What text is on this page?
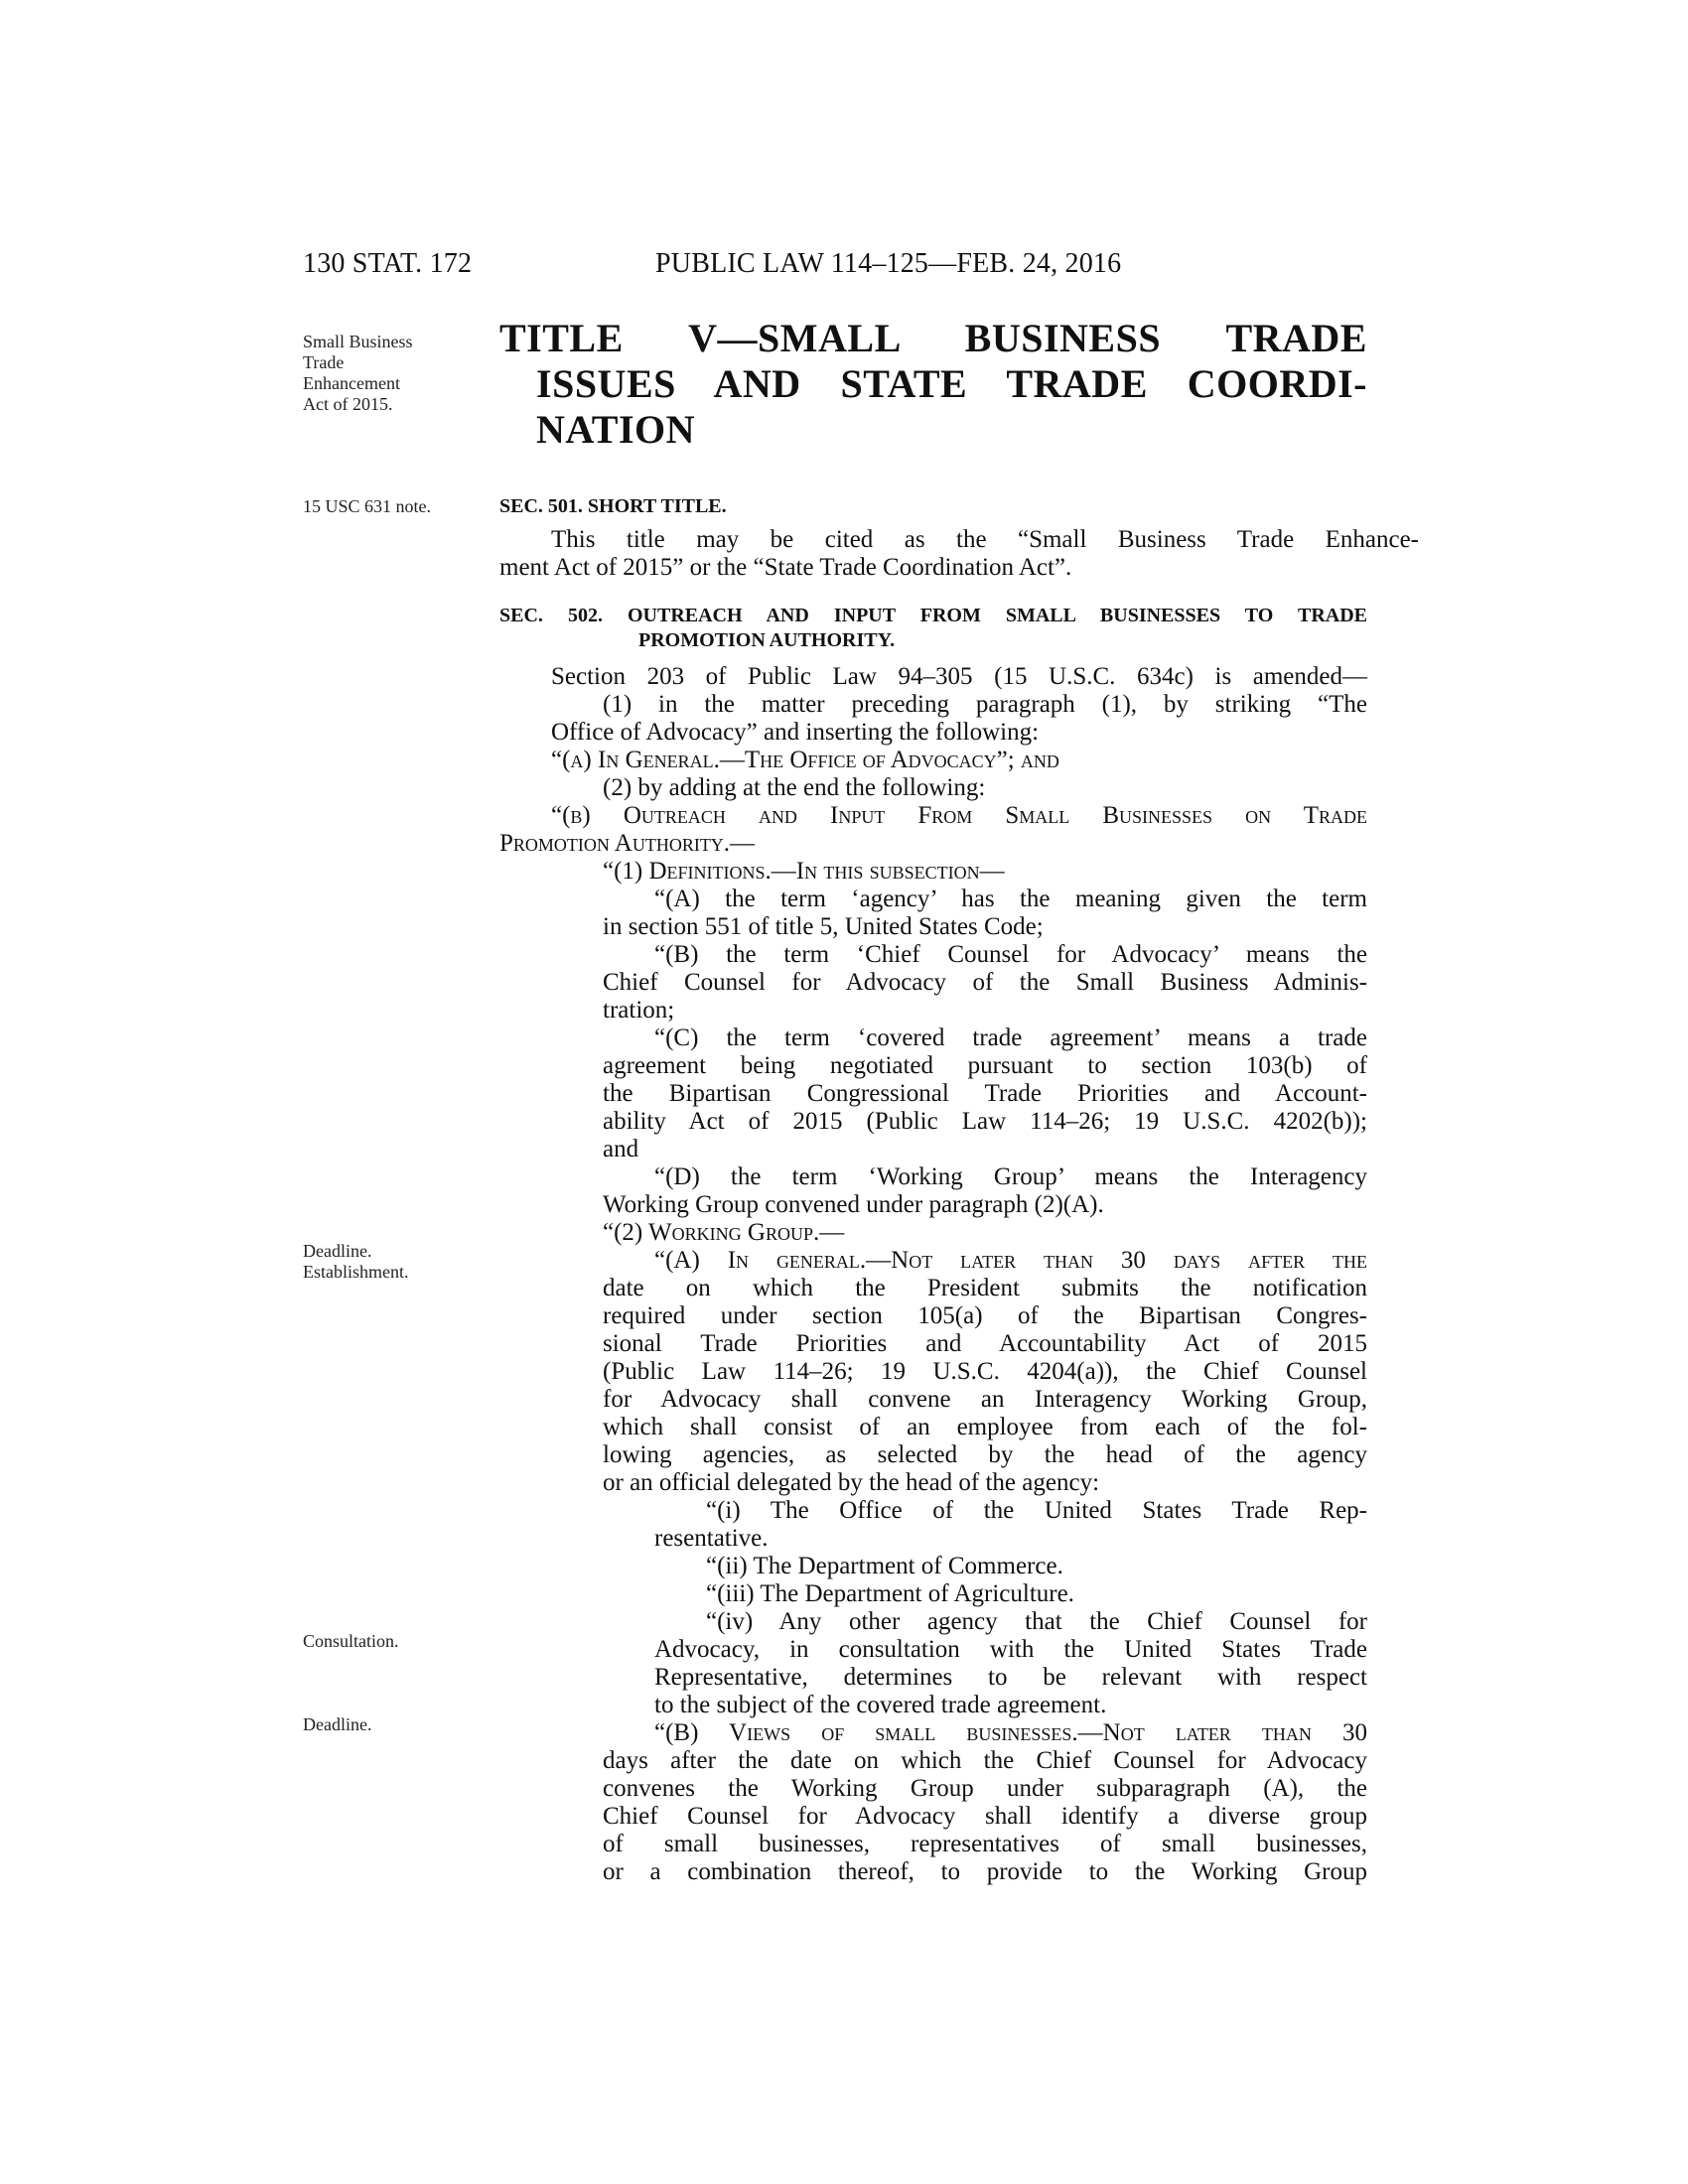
130 STAT. 172	PUBLIC LAW 114–125—FEB. 24, 2016
Small Business
Trade
Enhancement
Act of 2015.
TITLE V—SMALL BUSINESS TRADE
ISSUES AND STATE TRADE COORDI-
NATION
15 USC 631 note.	SEC. 501. SHORT TITLE.
This title may be cited as the “Small Business Trade Enhance-
ment Act of 2015” or the “State Trade Coordination Act”.
SEC. 502. OUTREACH AND INPUT FROM SMALL BUSINESSES TO TRADE
PROMOTION AUTHORITY.
Section 203 of Public Law 94–305 (15 U.S.C. 634c) is amended—
(1) in the matter preceding paragraph (1), by striking “The
Office of Advocacy” and inserting the following:
“(a) In General.—The Office of Advocacy”; and
(2) by adding at the end the following:
“(b) Outreach and Input From Small Businesses on Trade
Promotion Authority.—
“(1) Definitions.—In this subsection—
“(A) the term ‘agency’ has the meaning given the term
in section 551 of title 5, United States Code;
“(B) the term ‘Chief Counsel for Advocacy’ means the
Chief Counsel for Advocacy of the Small Business Adminis-
tration;
“(C) the term ‘covered trade agreement’ means a trade
agreement being negotiated pursuant to section 103(b) of
the Bipartisan Congressional Trade Priorities and Account-
ability Act of 2015 (Public Law 114–26; 19 U.S.C. 4202(b));
and
“(D) the term ‘Working Group’ means the Interagency
Working Group convened under paragraph (2)(A).
“(2) Working Group.—
“(A) In general.—Not later than 30 days after the
date on which the President submits the notification
required under section 105(a) of the Bipartisan Congres-
sional Trade Priorities and Accountability Act of 2015
(Public Law 114–26; 19 U.S.C. 4204(a)), the Chief Counsel
for Advocacy shall convene an Interagency Working Group,
which shall consist of an employee from each of the fol-
lowing agencies, as selected by the head of the agency
or an official delegated by the head of the agency:
“(i) The Office of the United States Trade Rep-
resentative.
“(ii) The Department of Commerce.
“(iii) The Department of Agriculture.
“(iv) Any other agency that the Chief Counsel for
Advocacy, in consultation with the United States Trade
Representative, determines to be relevant with respect
to the subject of the covered trade agreement.
“(B) Views of small businesses.—Not later than 30
days after the date on which the Chief Counsel for Advocacy
convenes the Working Group under subparagraph (A), the
Chief Counsel for Advocacy shall identify a diverse group
of small businesses, representatives of small businesses,
or a combination thereof, to provide to the Working Group
Deadline.
Establishment.
Consultation.
Deadline.
